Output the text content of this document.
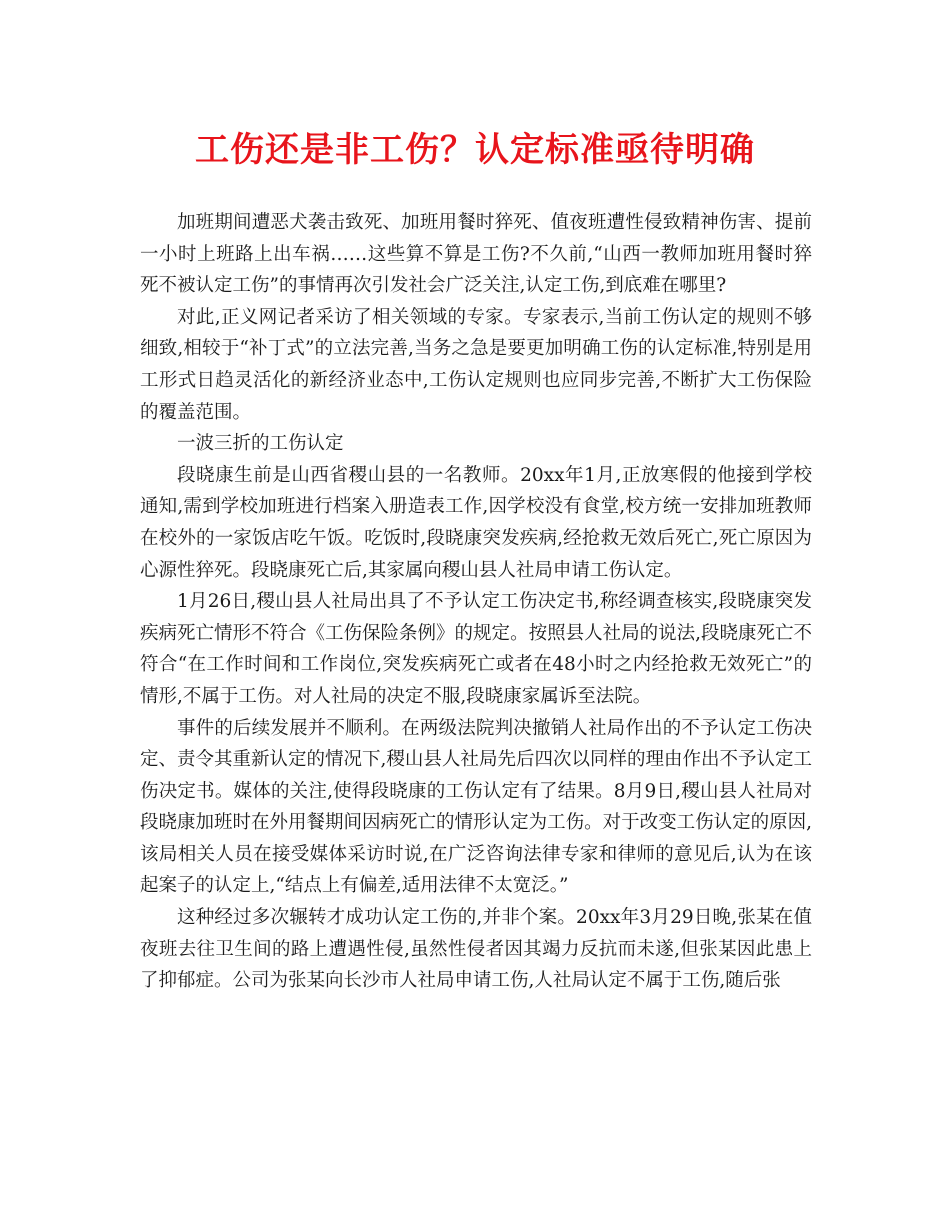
工伤还是非工伤？认定标准亟待明确

加班期间遭恶犬袭击致死、加班用餐时猝死、值夜班遭性侵致精神伤害、提前一小时上班路上出车祸……这些算不算是工伤?不久前,“山西一教师加班用餐时猝死不被认定工伤”的事情再次引发社会广泛关注,认定工伤,到底难在哪里?

对此,正义网记者采访了相关领域的专家。专家表示,当前工伤认定的规则不够细致,相较于“补丁式”的立法完善,当务之急是要更加明确工伤的认定标准,特别是用工形式日趋灵活化的新经济业态中,工伤认定规则也应同步完善,不断扩大工伤保险的覆盖范围。

一波三折的工伤认定

段晓康生前是山西省稷山县的一名教师。20xx年1月,正放寒假的他接到学校通知,需到学校加班进行档案入册造表工作,因学校没有食堂,校方统一安排加班教师在校外的一家饭店吃午饭。吃饭时,段晓康突发疾病,经抢救无效后死亡,死亡原因为心源性猝死。段晓康死亡后,其家属向稷山县人社局申请工伤认定。

1月26日,稷山县人社局出具了不予认定工伤决定书,称经调查核实,段晓康突发疾病死亡情形不符合《工伤保险条例》的规定。按照县人社局的说法,段晓康死亡不符合“在工作时间和工作岗位,突发疾病死亡或者在48小时之内经抢救无效死亡”的情形,不属于工伤。对人社局的决定不服,段晓康家属诉至法院。

事件的后续发展并不顺利。在两级法院判决撤销人社局作出的不予认定工伤决定、责令其重新认定的情况下,稷山县人社局先后四次以同样的理由作出不予认定工伤决定书。媒体的关注,使得段晓康的工伤认定有了结果。8月9日,稷山县人社局对段晓康加班时在外用餐期间因病死亡的情形认定为工伤。对于改变工伤认定的原因,该局相关人员在接受媒体采访时说,在广泛咨询法律专家和律师的意见后,认为在该起案子的认定上,“结点上有偏差,适用法律不太宽泛。”

这种经过多次辗转才成功认定工伤的,并非个案。20xx年3月29日晚,张某在值夜班去往卫生间的路上遭遇性侵,虽然性侵者因其竭力反抗而未遂,但张某因此患上了抑郁症。公司为张某向长沙市人社局申请工伤,人社局认定不属于工伤,随后张
